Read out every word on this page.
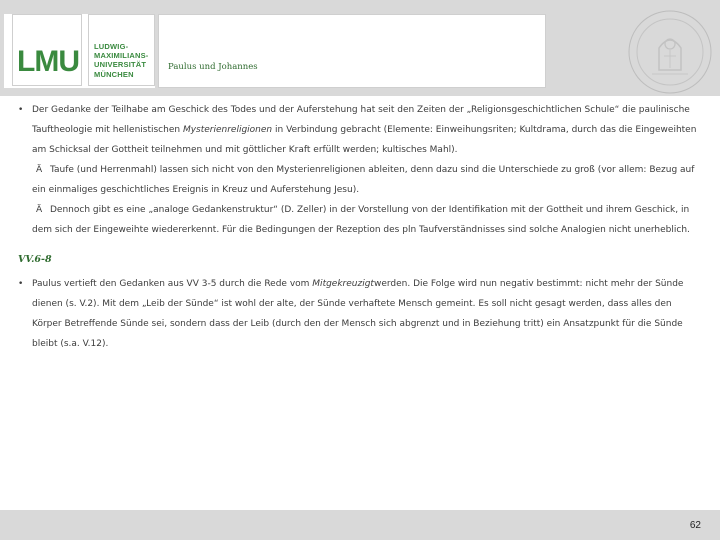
LMU LUDWIG-
MAXIMILIANS-
UNIVERSITÄT
MÜNCHEN
Paulus und Johannes
• Der Gedanke der Teilhabe am Geschick des Todes und der Auferstehung hat seit den Zeiten der „Religionsgeschichtlichen Schule“ die paulinische Tauftheologie mit hellenistischen Mysterienreligionen in Verbindung gebracht (Elemente: Einweihungsriten; Kultdrama, durch das die Eingeweihten am Schicksal der Gottheit teilnehmen und mit göttlicher Kraft erfüllt werden; kultisches Mahl).
Ä Taufe (und Herrenmahl) lassen sich nicht von den Mysterienreligionen ableiten, denn dazu sind die Unterschiede zu groß (vor allem: Bezug auf ein einmaliges geschichtliches Ereignis in Kreuz und Auferstehung Jesu).
Ä Dennoch gibt es eine „analoge Gedankenstruktur“ (D. Zeller) in der Vorstellung von der Identifikation mit der Gottheit und ihrem Geschick, in dem sich der Eingeweihte wiedererkennt. Für die Bedingungen der Rezeption des pln Taufverständnisses sind solche Analogien nicht unerheblich.
VV.6-8
• Paulus vertieft den Gedanken aus VV 3-5 durch die Rede vom Mitgekreuzigtwerden. Die Folge wird nun negativ bestimmt: nicht mehr der Sünde dienen (s. V.2). Mit dem „Leib der Sünde“ ist wohl der alte, der Sünde verhaftete Mensch gemeint. Es soll nicht gesagt werden, dass alles den Körper Betreffende Sünde sei, sondern dass der Leib (durch den der Mensch sich abgrenzt und in Beziehung tritt) ein Ansatzpunkt für die Sünde bleibt (s.a. V.12).
62
